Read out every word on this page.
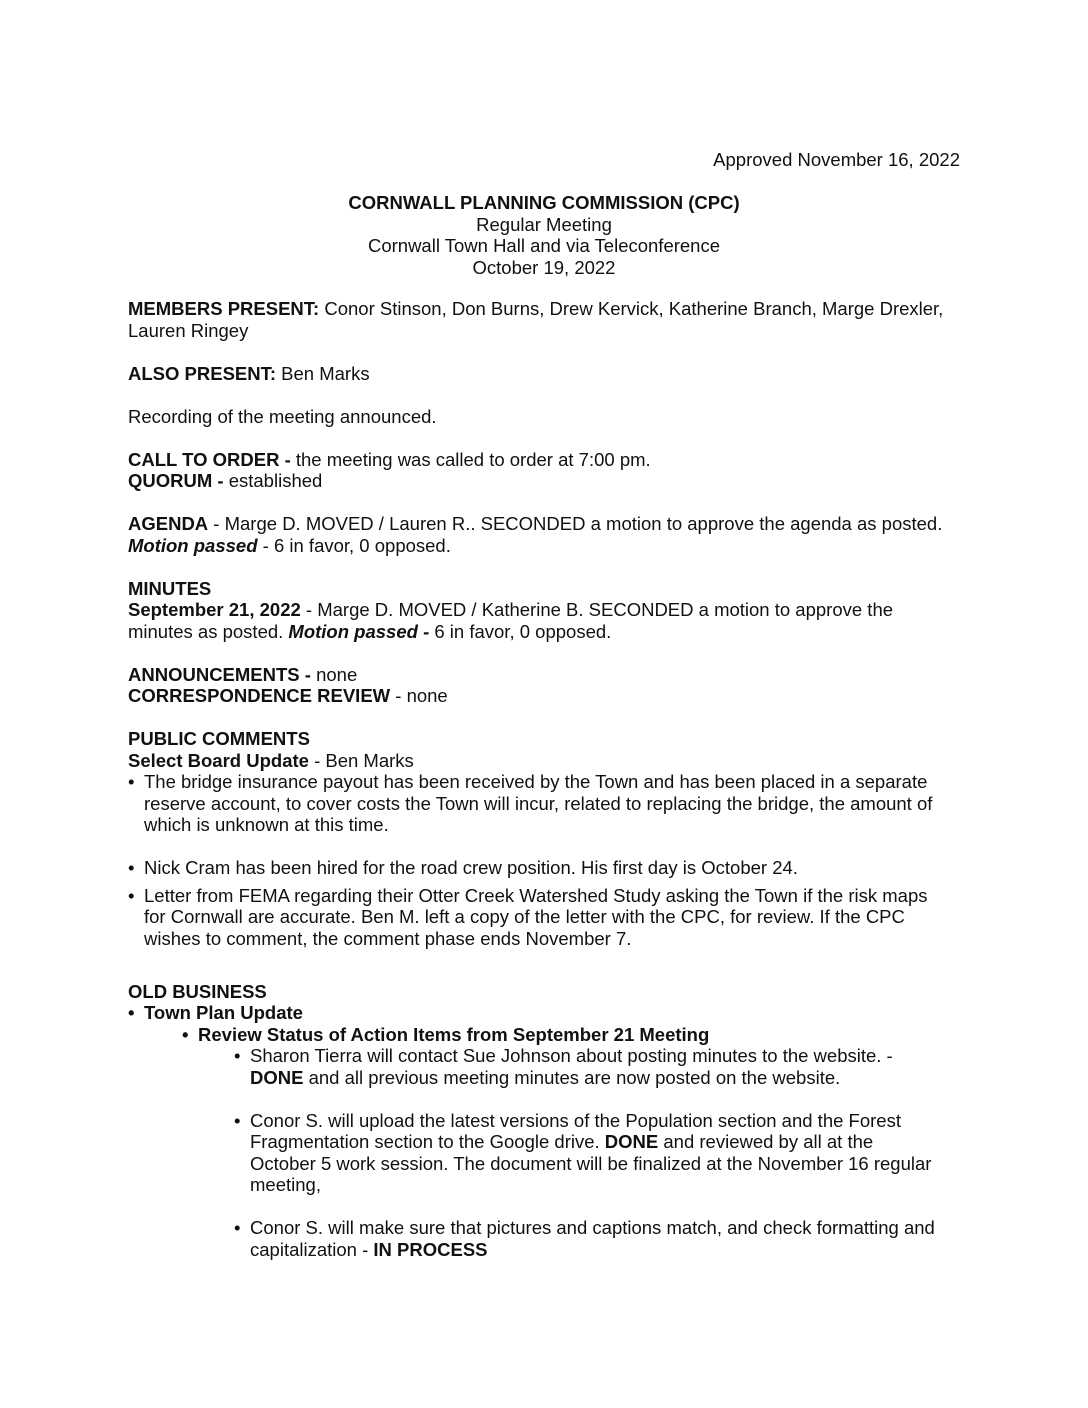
Approved November 16, 2022
CORNWALL PLANNING COMMISSION (CPC)
Regular Meeting
Cornwall Town Hall and via Teleconference
October 19, 2022

MEMBERS PRESENT: Conor Stinson, Don Burns, Drew Kervick, Katherine Branch, Marge Drexler, Lauren Ringey

ALSO PRESENT: Ben Marks

Recording of the meeting announced.

CALL TO ORDER - the meeting was called to order at 7:00 pm.

QUORUM - established

AGENDA - Marge D. MOVED / Lauren R.. SECONDED a motion to approve the agenda as posted. Motion passed - 6 in favor, 0 opposed.

MINUTES

September 21, 2022 - Marge D. MOVED / Katherine B. SECONDED a motion to approve the minutes as posted. Motion passed - 6 in favor, 0 opposed.

ANNOUNCEMENTS - none

CORRESPONDENCE REVIEW - none

PUBLIC COMMENTS

Select Board Update - Ben Marks

• The bridge insurance payout has been received by the Town and has been placed in a separate reserve account, to cover costs the Town will incur, related to replacing the bridge, the amount of which is unknown at this time.
• Nick Cram has been hired for the road crew position. His first day is October 24.
• Letter from FEMA regarding their Otter Creek Watershed Study asking the Town if the risk maps for Cornwall are accurate. Ben M. left a copy of the letter with the CPC, for review. If the CPC wishes to comment, the comment phase ends November 7.

OLD BUSINESS

• Town Plan Update
• Review Status of Action Items from September 21 Meeting
• Sharon Tierra will contact Sue Johnson about posting minutes to the website. - DONE and all previous meeting minutes are now posted on the website.
• Conor S. will upload the latest versions of the Population section and the Forest Fragmentation section to the Google drive. DONE and reviewed by all at the October 5 work session. The document will be finalized at the November 16 regular meeting,
• Conor S. will make sure that pictures and captions match, and check formatting and capitalization - IN PROCESS
